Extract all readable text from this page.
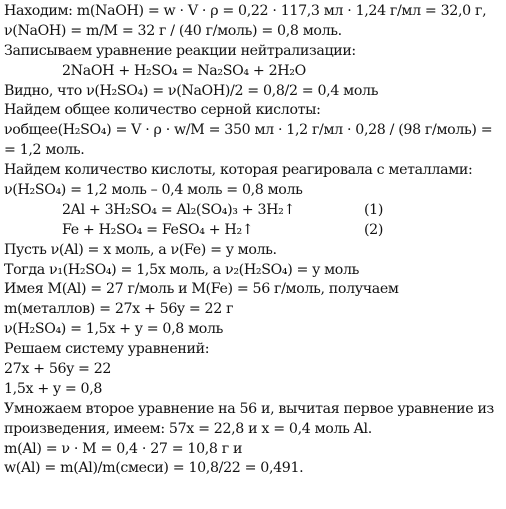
Находим: m(NaOH) = w · V · ρ = 0,22 · 117,3 мл · 1,24 г/мл = 32,0 г,
ν(NaOH) = m/M = 32 г / (40 г/моль) = 0,8 моль.
Записываем уравнение реакции нейтрализации:
2NaOH + H₂SO₄ = Na₂SO₄ + 2H₂O
Видно, что ν(H₂SO₄) = ν(NaOH)/2 = 0,8/2 = 0,4 моль
Найдем общее количество серной кислоты:
νобщее(H₂SO₄) = V · ρ · w/M = 350 мл · 1,2 г/мл · 0,28 / (98 г/моль) =
= 1,2 моль.
Найдем количество кислоты, которая реагировала с металлами:
ν(H₂SO₄) = 1,2 моль – 0,4 моль = 0,8 моль
2Al + 3H₂SO₄ = Al₂(SO₄)₃ + 3H₂↑	(1)
Fe + H₂SO₄ = FeSO₄ + H₂↑	(2)
Пусть ν(Al) = x моль, а ν(Fe) = y моль.
Тогда ν₁(H₂SO₄) = 1,5x моль, а ν₂(H₂SO₄) = y моль
Имея M(Al) = 27 г/моль и M(Fe) = 56 г/моль, получаем
m(металлов) = 27x + 56y = 22 г
ν(H₂SO₄) = 1,5x + y = 0,8 моль
Решаем систему уравнений:
27x + 56y = 22
1,5x + y = 0,8
Умножаем второе уравнение на 56 и, вычитая первое уравнение из
произведения, имеем: 57x = 22,8 и x = 0,4 моль Al.
m(Al) = ν · M = 0,4 · 27 = 10,8 г и
w(Al) = m(Al)/m(смеси) = 10,8/22 = 0,491.
